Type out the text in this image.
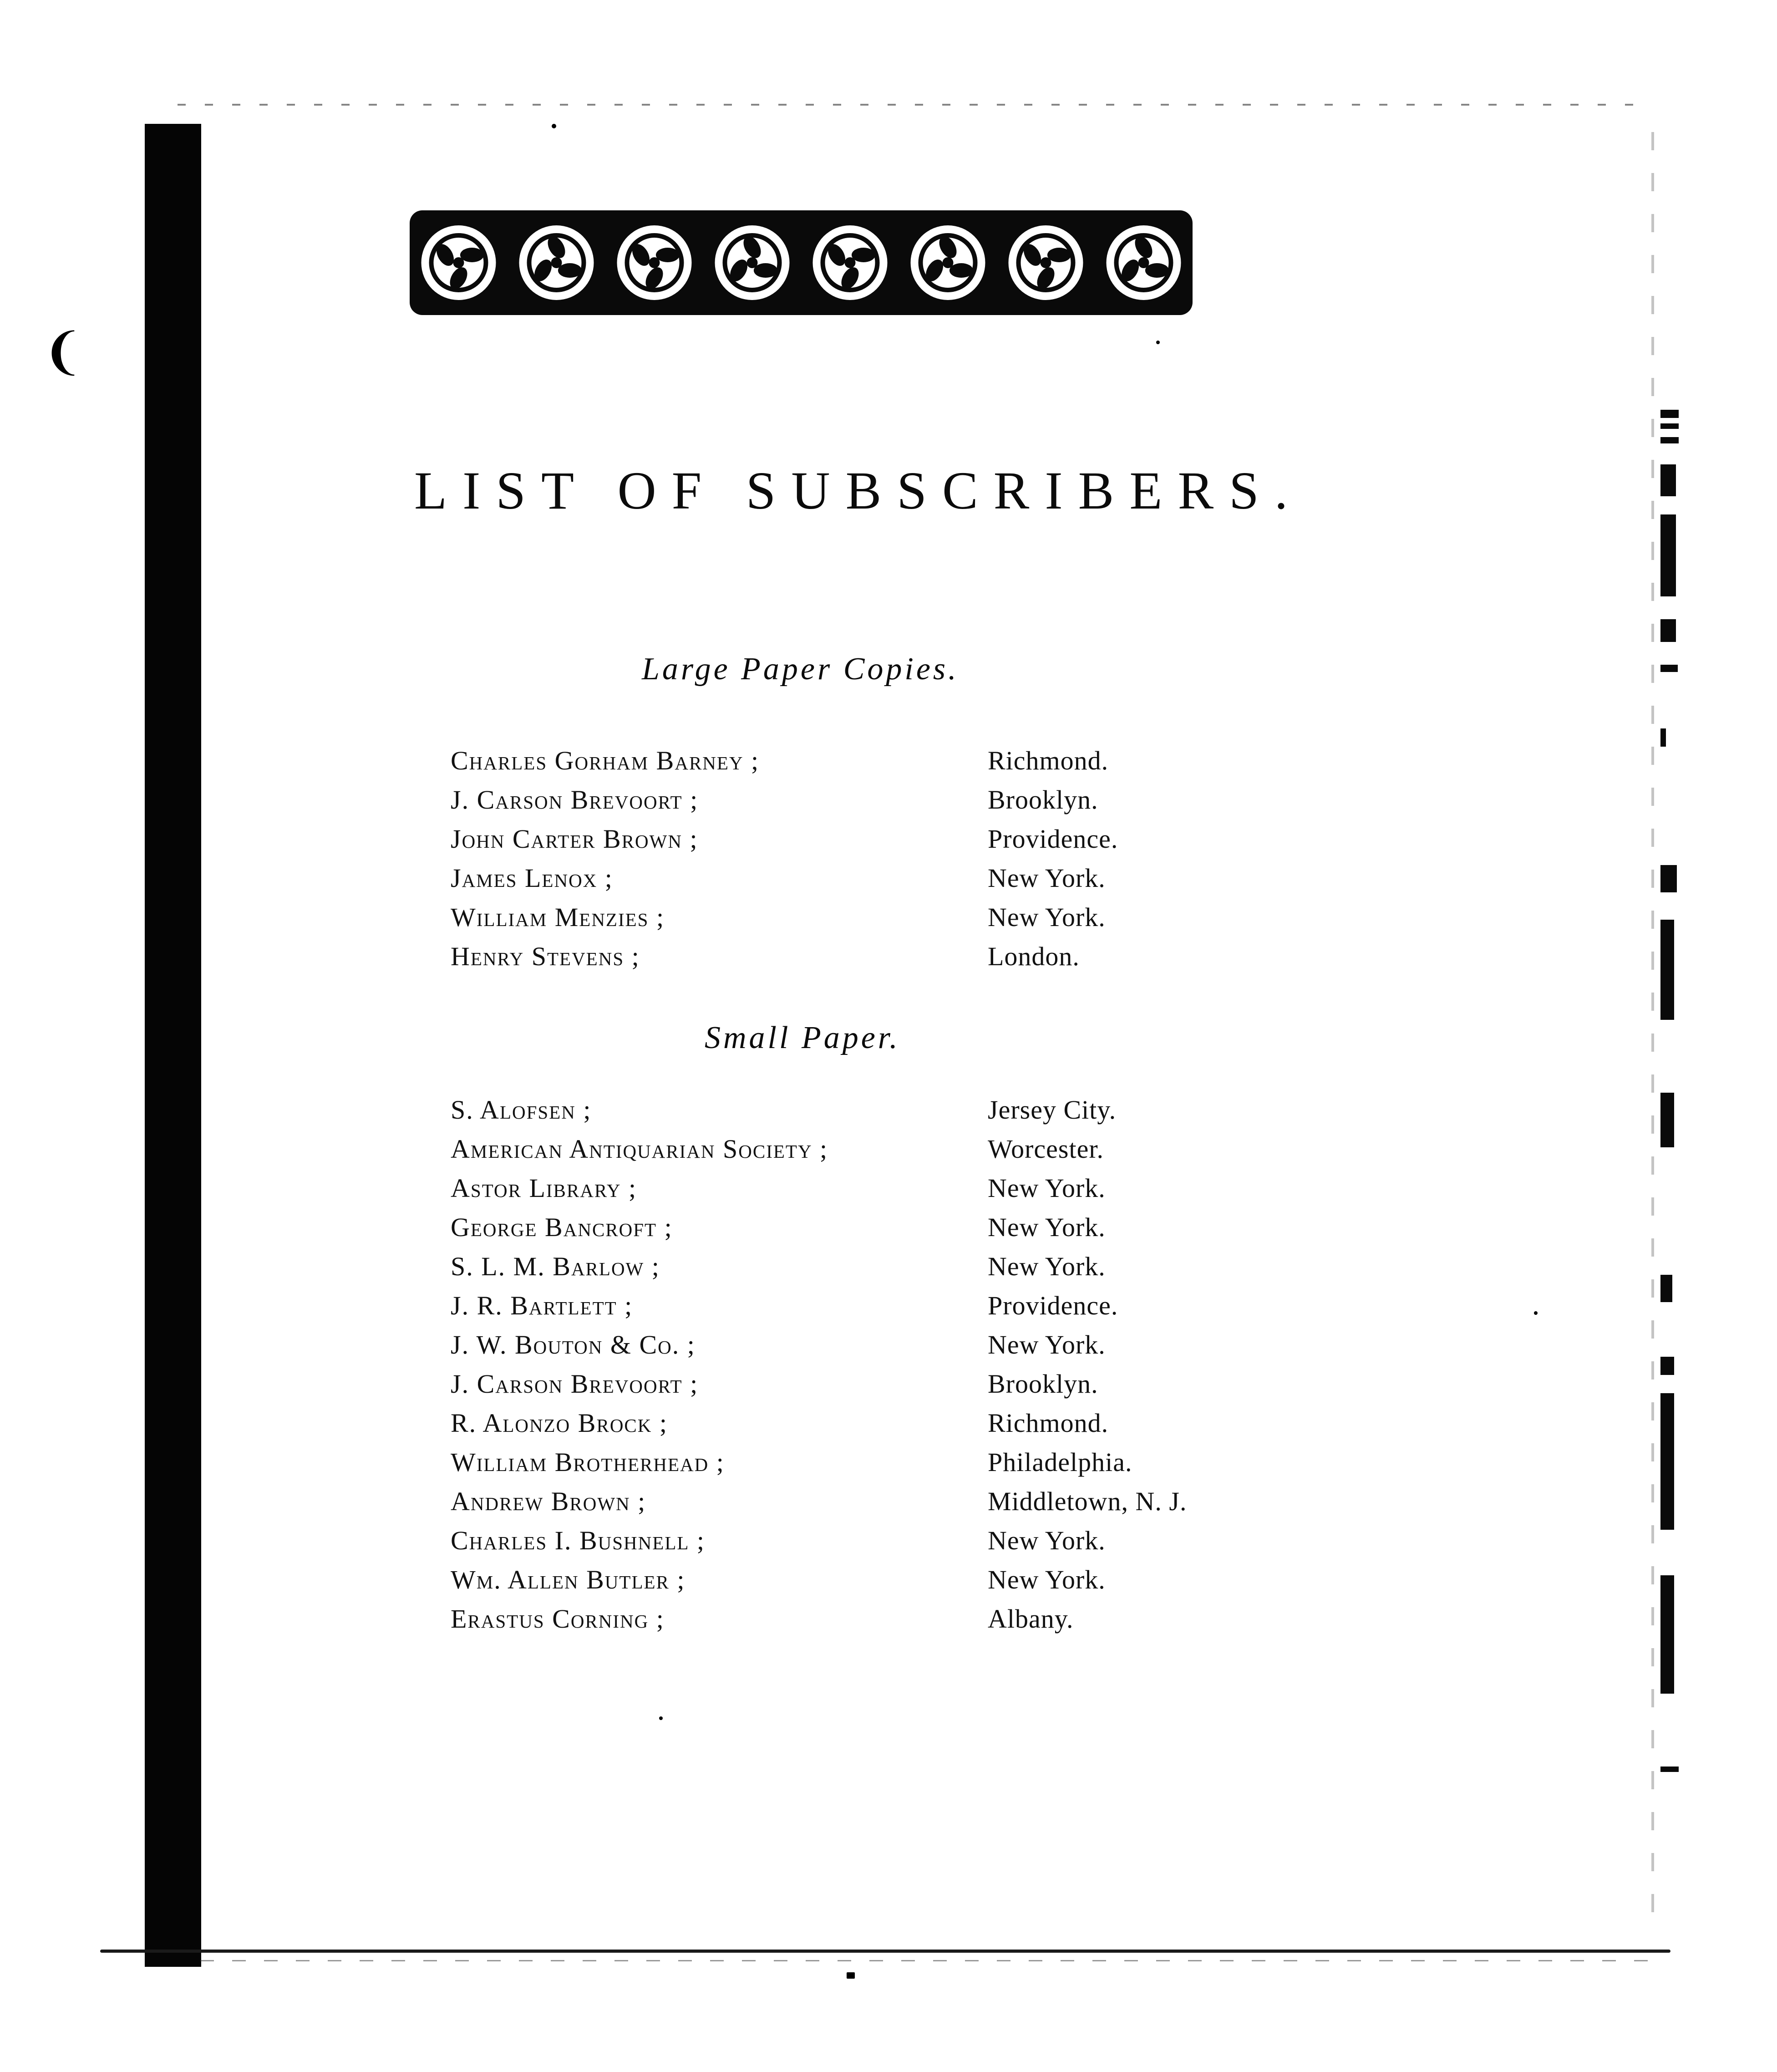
❨
LIST OF SUBSCRIBERS.
Large Paper Copies.
Charles Gorham Barney ;	Richmond.
J. Carson Brevoort ;	Brooklyn.
John Carter Brown ;	Providence.
James Lenox ;	New York.
William Menzies ;	New York.
Henry Stevens ;	London.
Small Paper.
S. Alofsen ;	Jersey City.
American Antiquarian Society ;	Worcester.
Astor Library ;	New York.
George Bancroft ;	New York.
S. L. M. Barlow ;	New York.
J. R. Bartlett ;	Providence.
J. W. Bouton & Co. ;	New York.
J. Carson Brevoort ;	Brooklyn.
R. Alonzo Brock ;	Richmond.
William Brotherhead ;	Philadelphia.
Andrew Brown ;	Middletown, N. J.
Charles I. Bushnell ;	New York.
Wm. Allen Butler ;	New York.
Erastus Corning ;	Albany.
